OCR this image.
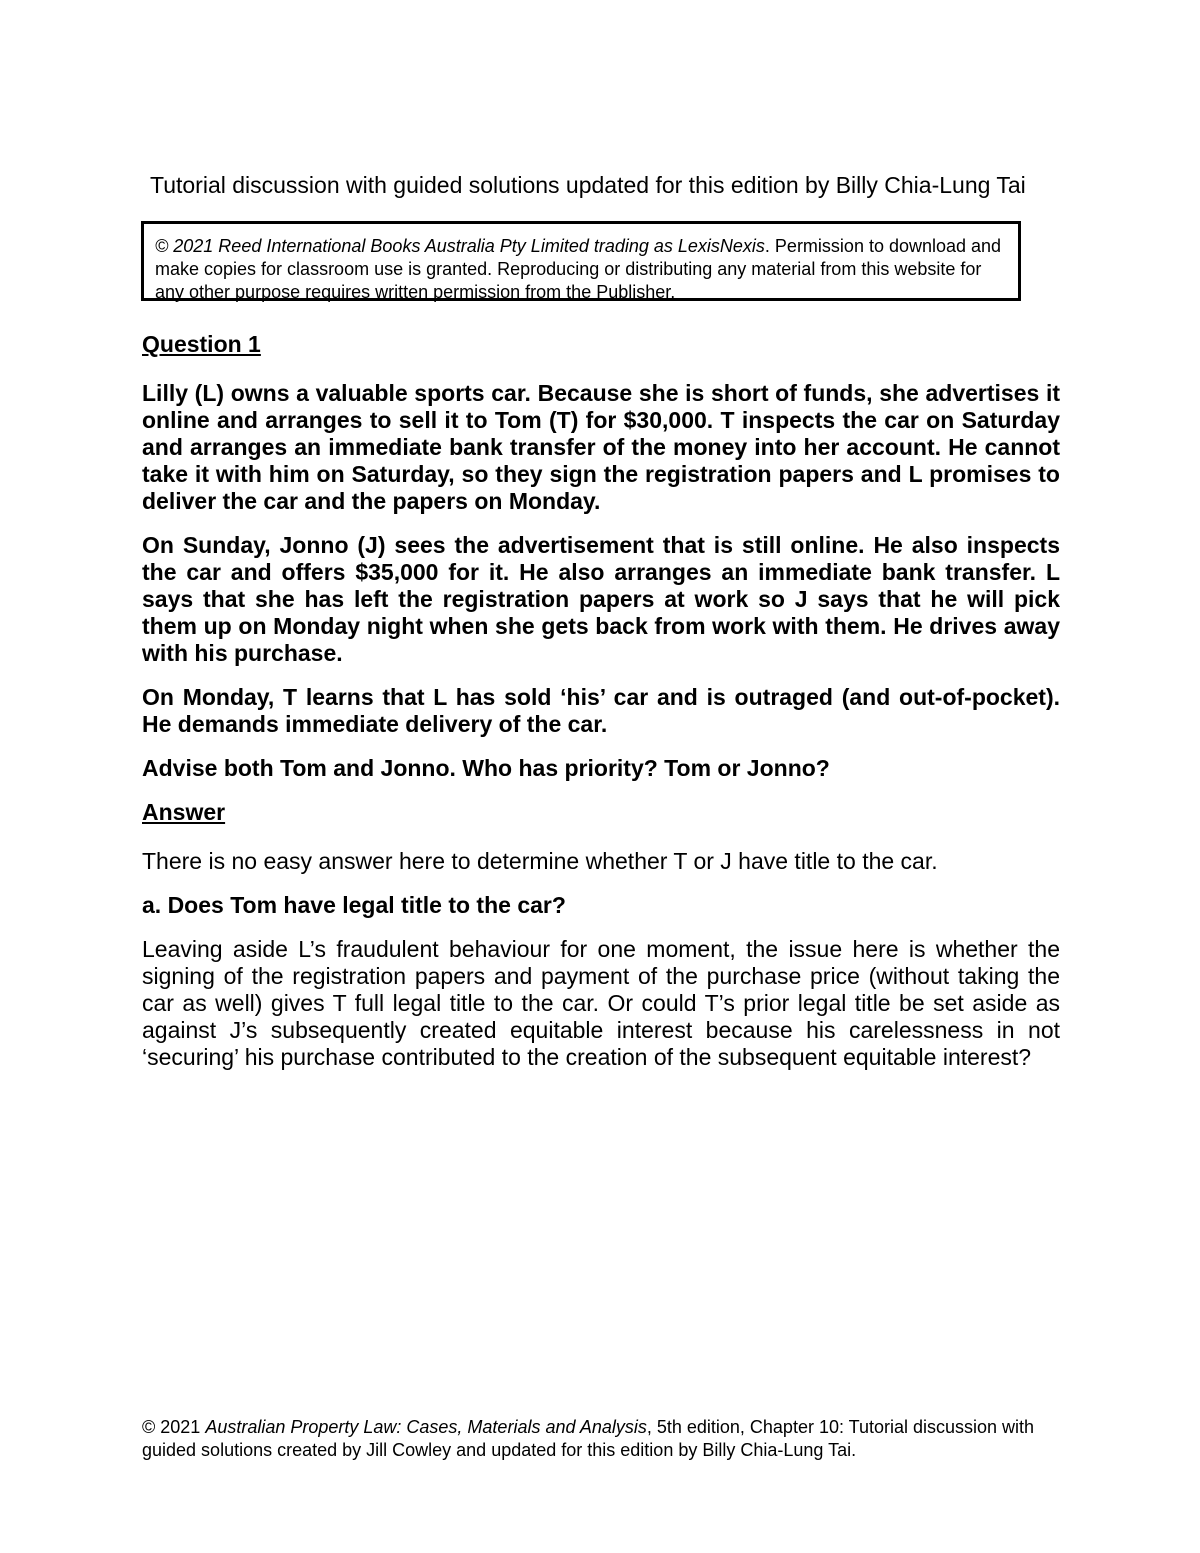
Tutorial discussion with guided solutions updated for this edition by Billy Chia-Lung Tai
© 2021 Reed International Books Australia Pty Limited trading as LexisNexis. Permission to download and make copies for classroom use is granted. Reproducing or distributing any material from this website for any other purpose requires written permission from the Publisher.
Question 1

Lilly (L) owns a valuable sports car. Because she is short of funds, she advertises it online and arranges to sell it to Tom (T) for $30,000. T inspects the car on Saturday and arranges an immediate bank transfer of the money into her account. He cannot take it with him on Saturday, so they sign the registration papers and L promises to deliver the car and the papers on Monday.

On Sunday, Jonno (J) sees the advertisement that is still online. He also inspects the car and offers $35,000 for it. He also arranges an immediate bank transfer. L says that she has left the registration papers at work so J says that he will pick them up on Monday night when she gets back from work with them. He drives away with his purchase.

On Monday, T learns that L has sold ‘his’ car and is outraged (and out-of-pocket). He demands immediate delivery of the car.

Advise both Tom and Jonno. Who has priority? Tom or Jonno?

Answer

There is no easy answer here to determine whether T or J have title to the car.

a. Does Tom have legal title to the car?

Leaving aside L’s fraudulent behaviour for one moment, the issue here is whether the signing of the registration papers and payment of the purchase price (without taking the car as well) gives T full legal title to the car. Or could T’s prior legal title be set aside as against J’s subsequently created equitable interest because his carelessness in not ‘securing’ his purchase contributed to the creation of the subsequent equitable interest?

© 2021 Australian Property Law: Cases, Materials and Analysis, 5th edition, Chapter 10: Tutorial discussion with guided solutions created by Jill Cowley and updated for this edition by Billy Chia-Lung Tai.
